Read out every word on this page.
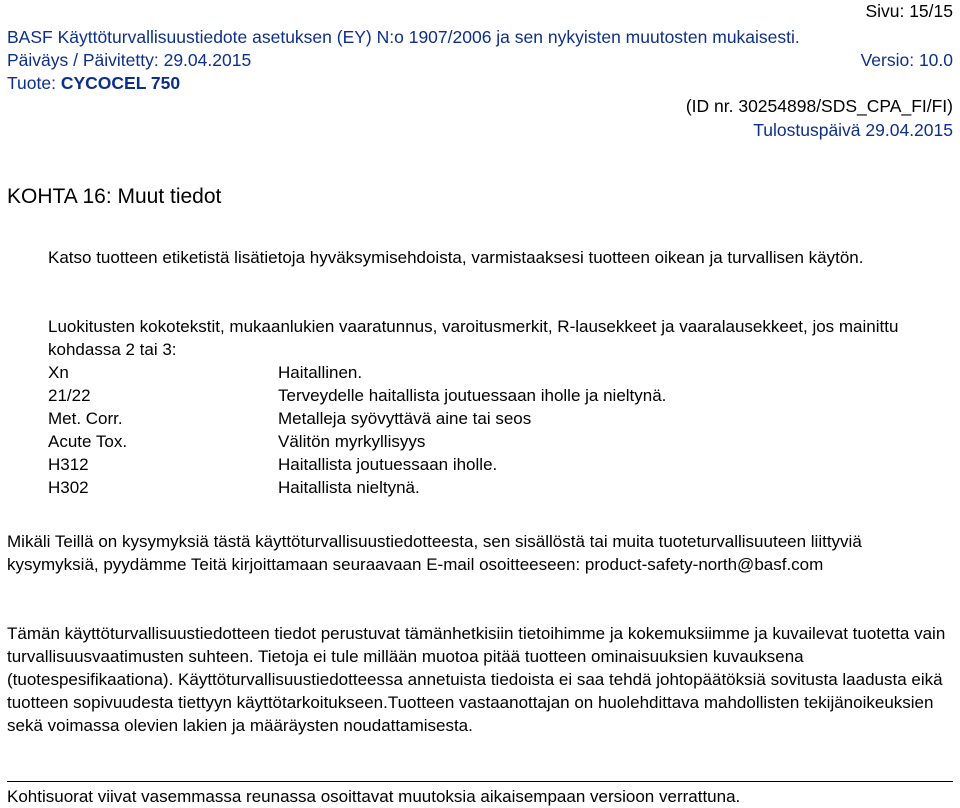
Sivu: 15/15
BASF Käyttöturvallisuustiedote asetuksen (EY) N:o 1907/2006 ja sen nykyisten muutosten mukaisesti.
Päiväys / Päivitetty: 29.04.2015	Versio: 10.0
Tuote: CYCOCEL 750
(ID nr. 30254898/SDS_CPA_FI/FI)
Tulostuspäivä 29.04.2015
KOHTA 16: Muut tiedot

Katso tuotteen etiketistä lisätietoja hyväksymisehdoista, varmistaaksesi tuotteen oikean ja turvallisen käytön.

Luokitusten kokotekstit, mukaanlukien vaaratunnus, varoitusmerkit, R-lausekkeet ja vaaralausekkeet, jos mainittu kohdassa 2 tai 3:

Xn	Haitallinen.
21/22	Terveydelle haitallista joutuessaan iholle ja nieltynä.
Met. Corr.	Metalleja syövyttävä aine tai seos
Acute Tox.	Välitön myrkyllisyys
H312	Haitallista joutuessaan iholle.
H302	Haitallista nieltynä.

Mikäli Teillä on kysymyksiä tästä käyttöturvallisuustiedotteesta, sen sisällöstä tai muita tuoteturvallisuuteen liittyviä kysymyksiä, pyydämme Teitä kirjoittamaan seuraavaan E-mail osoitteeseen: product-safety-north@basf.com

Tämän käyttöturvallisuustiedotteen tiedot perustuvat tämänhetkisiin tietoihimme ja kokemuksiimme ja kuvailevat tuotetta vain turvallisuusvaatimusten suhteen. Tietoja ei tule millään muotoa pitää tuotteen ominaisuuksien kuvauksena (tuotespesifikaationa). Käyttöturvallisuustiedotteessa annetuista tiedoista ei saa tehdä johtopäätöksiä sovitusta laadusta eikä tuotteen sopivuudesta tiettyyn käyttötarkoitukseen.Tuotteen vastaanottajan on huolehdittava mahdollisten tekijänoikeuksien sekä voimassa olevien lakien ja määräysten noudattamisesta.

Kohtisuorat viivat vasemmassa reunassa osoittavat muutoksia aikaisempaan versioon verrattuna.
